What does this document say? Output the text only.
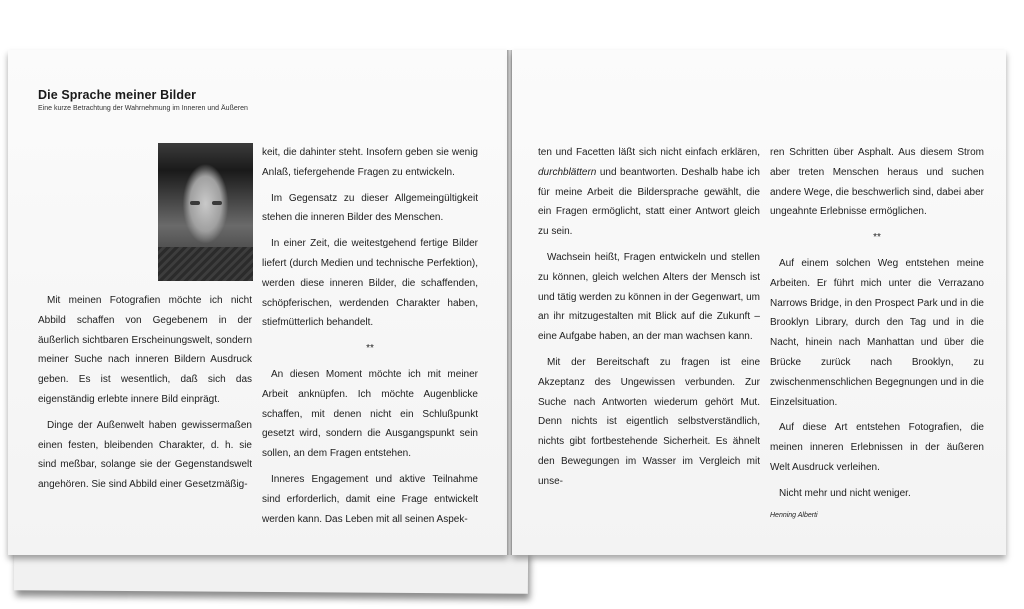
Die Sprache meiner Bilder

Eine kurze Betrachtung der Wahrnehmung im Inneren und Äußeren

Mit meinen Fotografien möchte ich nicht Abbild schaffen von Gegebenem in der äußerlich sichtbaren Erscheinungswelt, sondern meiner Suche nach inneren Bildern Ausdruck geben. Es ist wesentlich, daß sich das eigenständig erlebte innere Bild einprägt.

Dinge der Außenwelt haben gewissermaßen einen festen, bleibenden Charakter, d. h. sie sind meßbar, solange sie der Gegenstandswelt angehören. Sie sind Abbild einer Gesetzmäßig-

keit, die dahinter steht. Insofern geben sie wenig Anlaß, tiefergehende Fragen zu entwickeln.

Im Gegensatz zu dieser Allgemeingültigkeit stehen die inneren Bilder des Menschen.

In einer Zeit, die weitestgehend fertige Bilder liefert (durch Medien und technische Perfektion), werden diese inneren Bilder, die schaffenden, schöpferischen, werdenden Charakter haben, stiefmütterlich behandelt.

**

An diesen Moment möchte ich mit meiner Arbeit anknüpfen. Ich möchte Augenblicke schaffen, mit denen nicht ein Schlußpunkt gesetzt wird, sondern die Ausgangspunkt sein sollen, an dem Fragen entstehen.

Inneres Engagement und aktive Teilnahme sind erforderlich, damit eine Frage entwickelt werden kann. Das Leben mit all seinen Aspek-

ten und Facetten läßt sich nicht einfach erklären, durchblättern und beantworten. Deshalb habe ich für meine Arbeit die Bildersprache gewählt, die ein Fragen ermöglicht, statt einer Antwort gleich zu sein.

Wachsein heißt, Fragen entwickeln und stellen zu können, gleich welchen Alters der Mensch ist und tätig werden zu können in der Gegenwart, um an ihr mitzugestalten mit Blick auf die Zukunft – eine Aufgabe haben, an der man wachsen kann.

Mit der Bereitschaft zu fragen ist eine Akzeptanz des Ungewissen verbunden. Zur Suche nach Antworten wiederum gehört Mut. Denn nichts ist eigentlich selbstverständlich, nichts gibt fortbestehende Sicherheit. Es ähnelt den Bewegungen im Wasser im Vergleich mit unse-

ren Schritten über Asphalt. Aus diesem Strom aber treten Menschen heraus und suchen andere Wege, die beschwerlich sind, dabei aber ungeahnte Erlebnisse ermöglichen.

**

Auf einem solchen Weg entstehen meine Arbeiten. Er führt mich unter die Verrazano Narrows Bridge, in den Prospect Park und in die Brooklyn Library, durch den Tag und in die Nacht, hinein nach Manhattan und über die Brücke zurück nach Brooklyn, zu zwischenmenschlichen Begegnungen und in die Einzelsituation.

Auf diese Art entstehen Fotografien, die meinen inneren Erlebnissen in der äußeren Welt Ausdruck verleihen.

Nicht mehr und nicht weniger.

Henning Alberti
